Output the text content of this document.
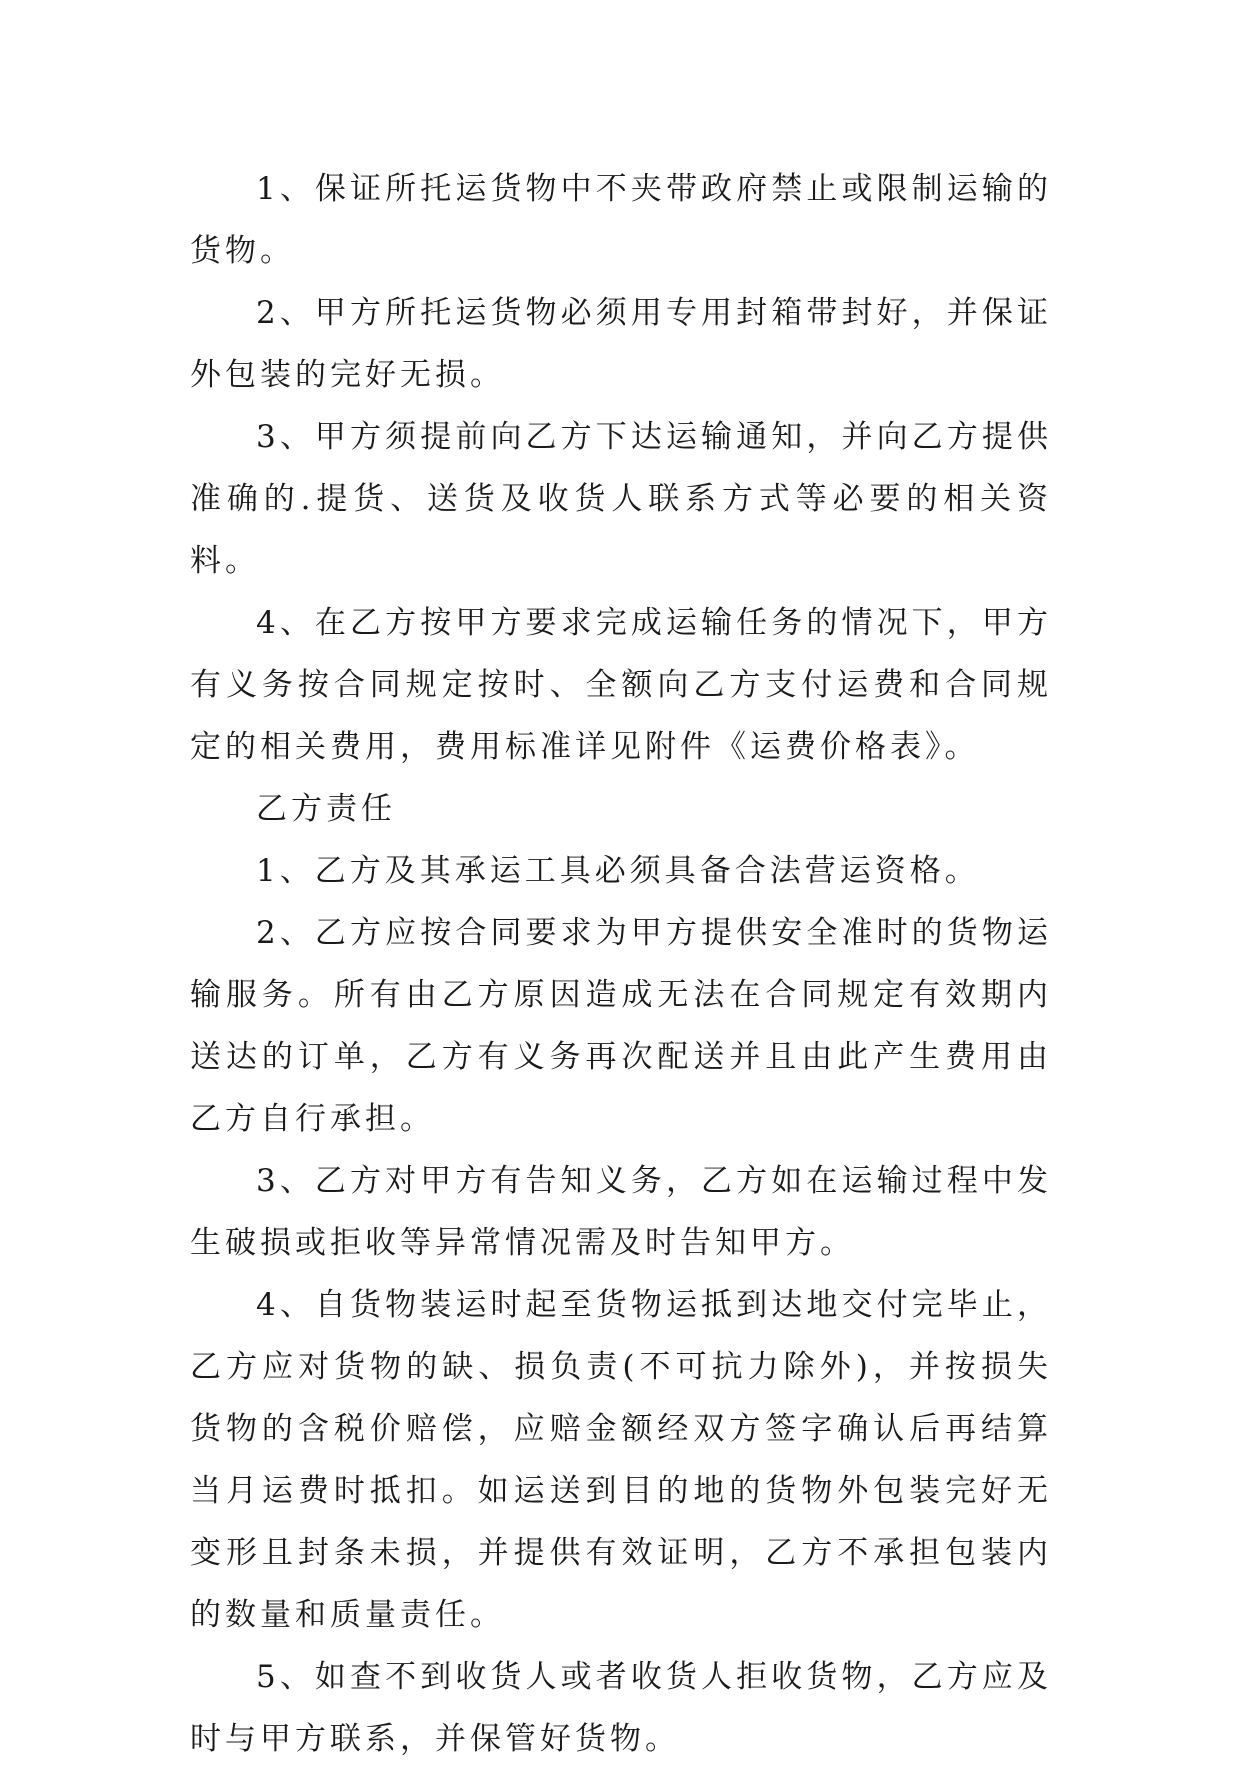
1、保证所托运货物中不夹带政府禁止或限制运输的货物。

2、甲方所托运货物必须用专用封箱带封好，并保证外包装的完好无损。

3、甲方须提前向乙方下达运输通知，并向乙方提供准确的.提货、送货及收货人联系方式等必要的相关资料。

4、在乙方按甲方要求完成运输任务的情况下，甲方有义务按合同规定按时、全额向乙方支付运费和合同规定的相关费用，费用标准详见附件《运费价格表》。

乙方责任

1、乙方及其承运工具必须具备合法营运资格。

2、乙方应按合同要求为甲方提供安全准时的货物运输服务。所有由乙方原因造成无法在合同规定有效期内送达的订单，乙方有义务再次配送并且由此产生费用由乙方自行承担。

3、乙方对甲方有告知义务，乙方如在运输过程中发生破损或拒收等异常情况需及时告知甲方。

4、自货物装运时起至货物运抵到达地交付完毕止，乙方应对货物的缺、损负责(不可抗力除外)，并按损失货物的含税价赔偿，应赔金额经双方签字确认后再结算当月运费时抵扣。如运送到目的地的货物外包装完好无变形且封条未损，并提供有效证明，乙方不承担包装内的数量和质量责任。

5、如查不到收货人或者收货人拒收货物，乙方应及时与甲方联系，并保管好货物。
